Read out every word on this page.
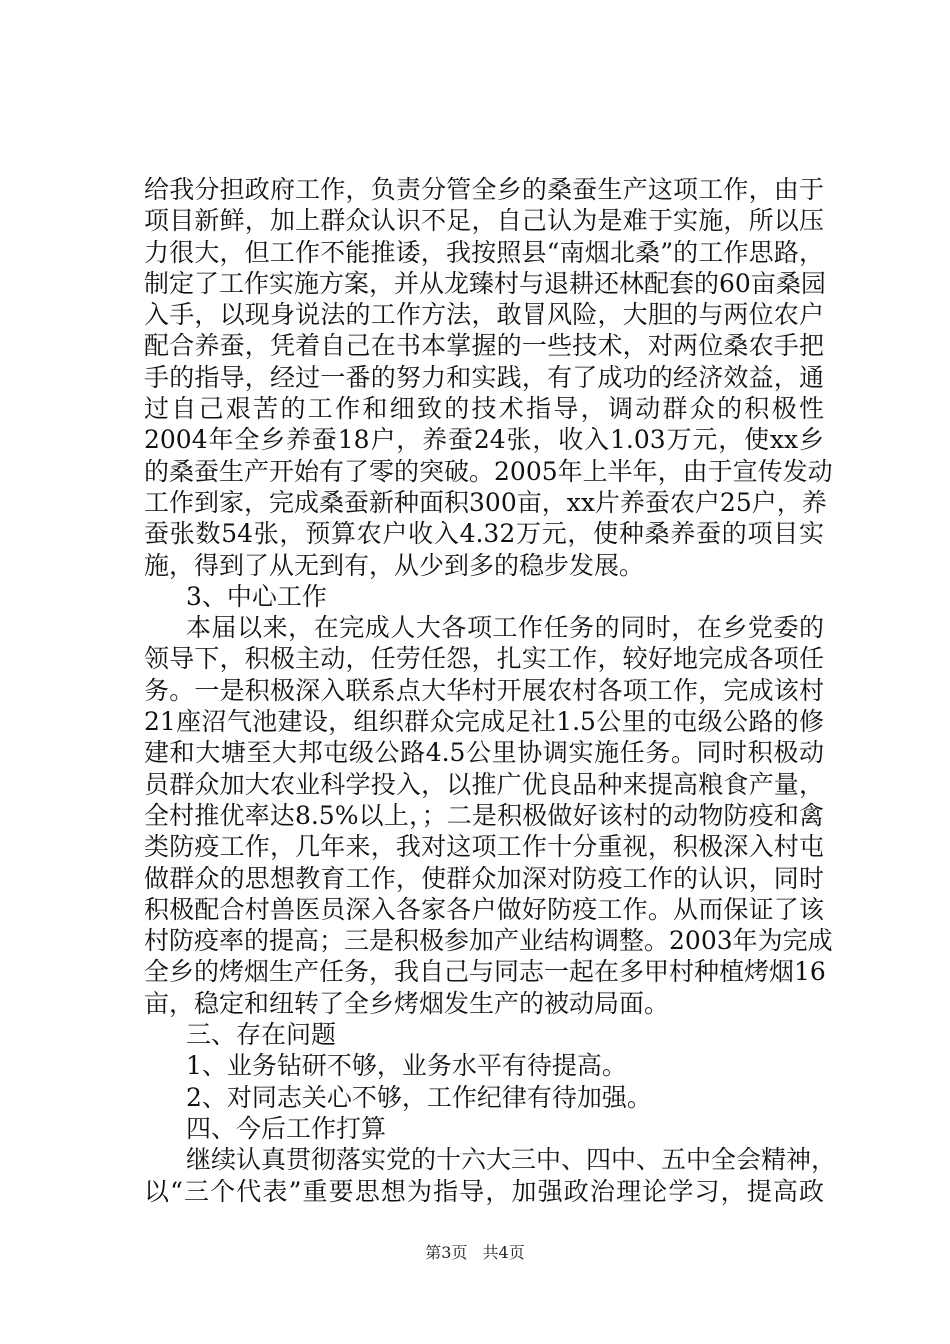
给我分担政府工作，负责分管全乡的桑蚕生产这项工作，由于
项目新鲜，加上群众认识不足，自己认为是难于实施，所以压
力很大，但工作不能推诿，我按照县“南烟北桑”的工作思路，
制定了工作实施方案，并从龙臻村与退耕还林配套的60亩桑园
入手，以现身说法的工作方法，敢冒风险，大胆的与两位农户
配合养蚕，凭着自己在书本掌握的一些技术，对两位桑农手把
手的指导，经过一番的努力和实践，有了成功的经济效益，通
过自己艰苦的工作和细致的技术指导，调动群众的积极性
2004年全乡养蚕18户，养蚕24张，收入1.03万元，使xx乡
的桑蚕生产开始有了零的突破。2005年上半年，由于宣传发动
工作到家，完成桑蚕新种面积300亩，xx片养蚕农户25户，养
蚕张数54张，预算农户收入4.32万元，使种桑养蚕的项目实
施，得到了从无到有，从少到多的稳步发展。
3、中心工作
本届以来，在完成人大各项工作任务的同时，在乡党委的
领导下，积极主动，任劳任怨，扎实工作，较好地完成各项任
务。一是积极深入联系点大华村开展农村各项工作，完成该村
21座沼气池建设，组织群众完成足社1.5公里的屯级公路的修
建和大塘至大邦屯级公路4.5公里协调实施任务。同时积极动
员群众加大农业科学投入，以推广优良品种来提高粮食产量，
全村推优率达8.5%以上，；二是积极做好该村的动物防疫和禽
类防疫工作，几年来，我对这项工作十分重视，积极深入村屯
做群众的思想教育工作，使群众加深对防疫工作的认识，同时
积极配合村兽医员深入各家各户做好防疫工作。从而保证了该
村防疫率的提高；三是积极参加产业结构调整。2003年为完成
全乡的烤烟生产任务，我自己与同志一起在多甲村种植烤烟16
亩，稳定和纽转了全乡烤烟发生产的被动局面。
三、存在问题
1、业务钻研不够，业务水平有待提高。
2、对同志关心不够，工作纪律有待加强。
四、今后工作打算
继续认真贯彻落实党的十六大三中、四中、五中全会精神，
以“三个代表”重要思想为指导，加强政治理论学习，提高政
第3页 共4页
